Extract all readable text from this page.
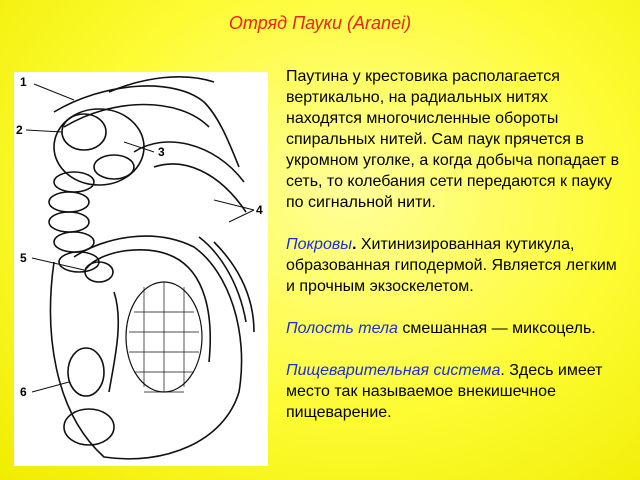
Отряд Пауки (Aranei)
1
2
3
4
5
6

Паутина у крестовика располагается вертикально, на радиальных нитях находятся многочисленные обороты спиральных нитей. Сам паук прячется в укромном уголке, а когда добыча попадает в сеть, то колебания сети передаются к пауку по сигнальной нити.

Покровы. Хитинизированная кутикула, образованная гиподермой. Является легким и прочным экзоскелетом.

Полость тела смешанная — миксоцель.

Пищеварительная система. Здесь имеет место так называемое внекишечное пищеварение.
